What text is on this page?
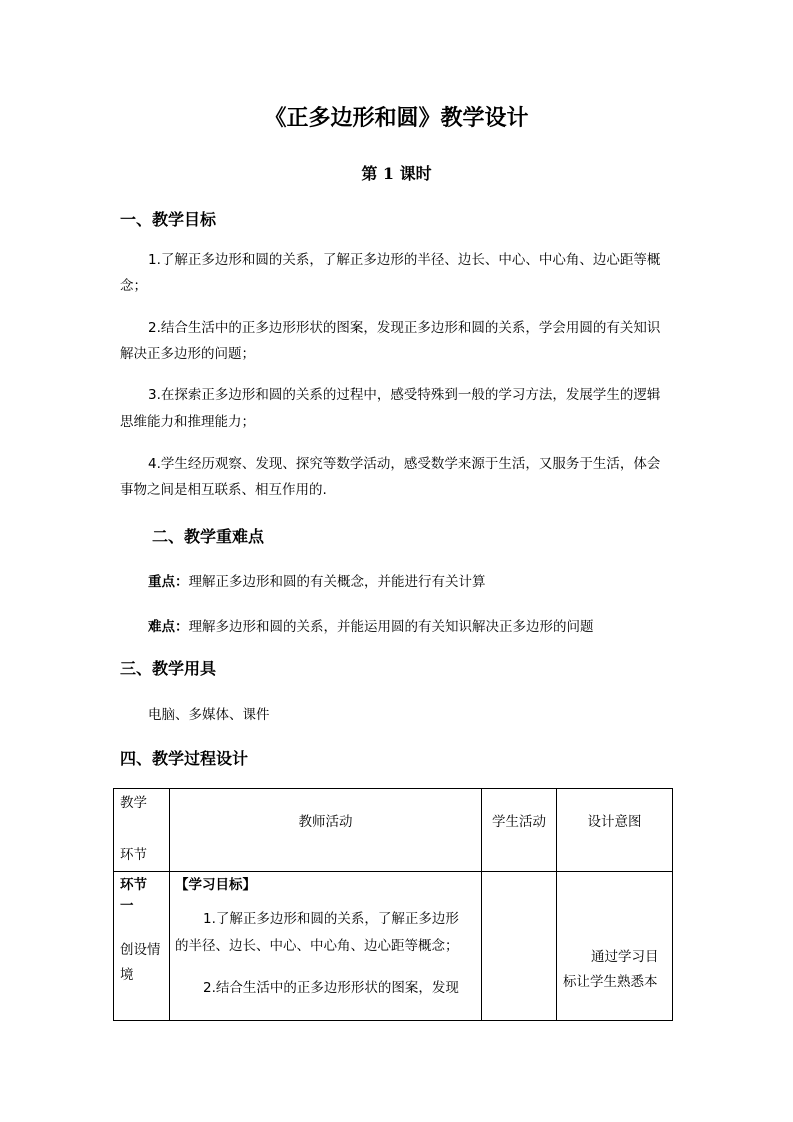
《正多边形和圆》教学设计
第 1 课时
一、教学目标
1.了解正多边形和圆的关系，了解正多边形的半径、边长、中心、中心角、边心距等概
念；
2.结合生活中的正多边形形状的图案，发现正多边形和圆的关系，学会用圆的有关知识
解决正多边形的问题；
3.在探索正多边形和圆的关系的过程中，感受特殊到一般的学习方法，发展学生的逻辑
思维能力和推理能力；
4.学生经历观察、发现、探究等数学活动，感受数学来源于生活，又服务于生活，体会
事物之间是相互联系、相互作用的.
二、教学重难点
重点：理解正多边形和圆的有关概念，并能进行有关计算
难点：理解多边形和圆的关系，并能运用圆的有关知识解决正多边形的问题
三、教学用具
电脑、多媒体、课件
四、教学过程设计
教学
环节	教师活动	学生活动	设计意图

环节
一
创设情
境	【学习目标】
1.了解正多边形和圆的关系，了解正多边形
的半径、边长、中心、中心角、边心距等概念；
2.结合生活中的正多边形形状的图案，发现		通过学习目
标让学生熟悉本
